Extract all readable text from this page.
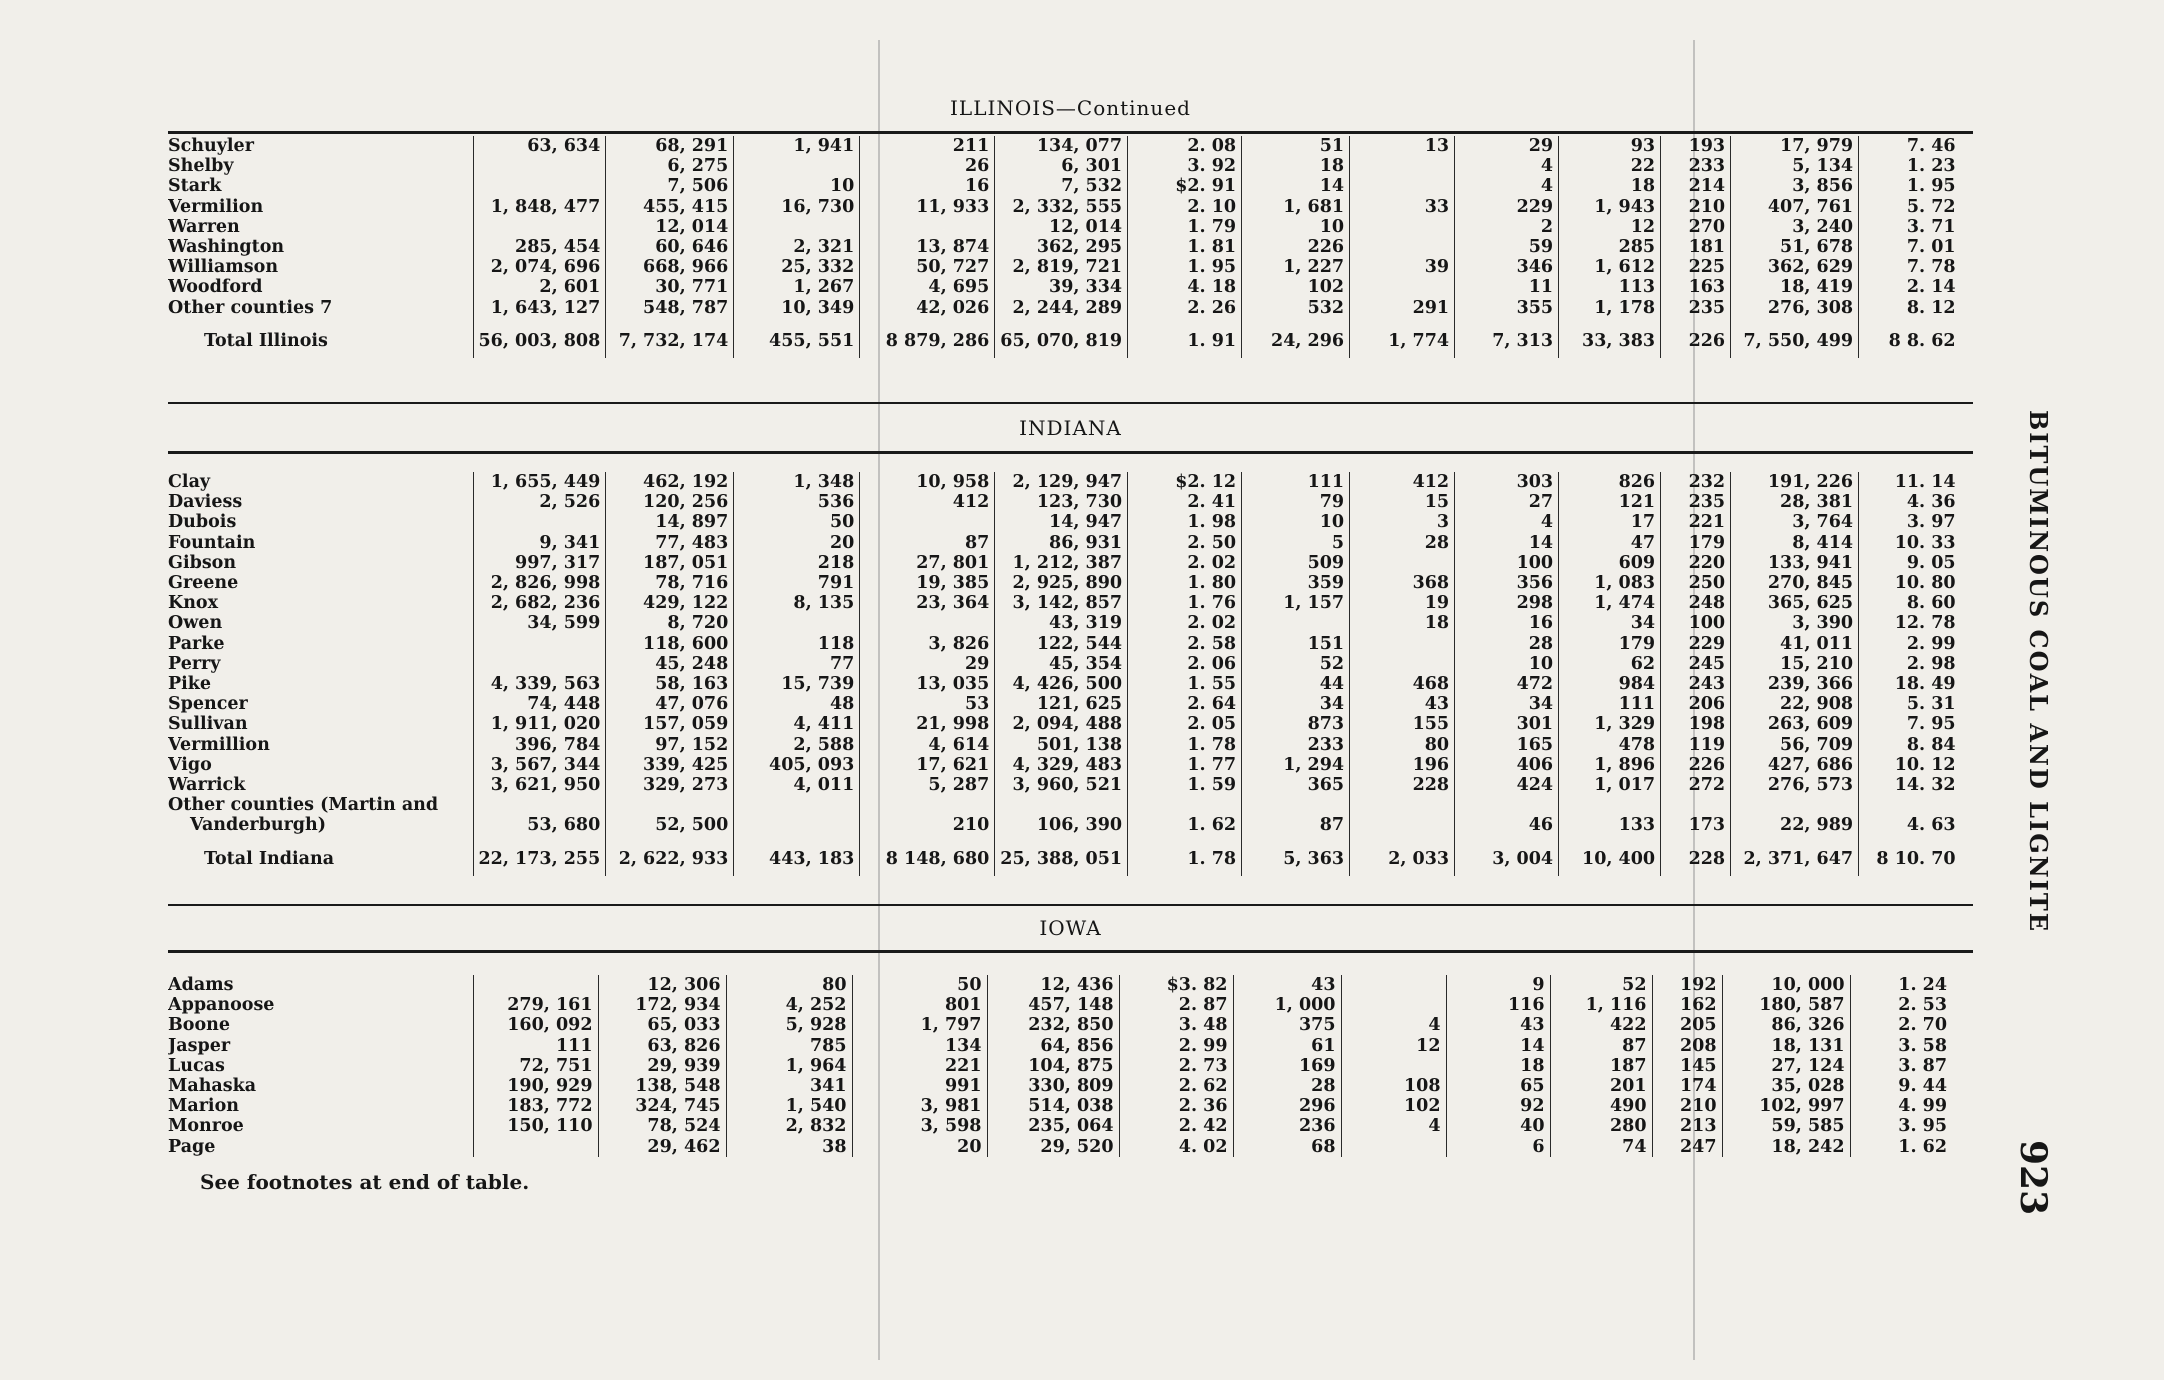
ILLINOIS—Continued
Schuyler	63, 634	68, 291	1, 941	211	134, 077	2. 08	51	13	29	93	193	17, 979	7. 46
Shelby		6, 275		26	6, 301	3. 92	18		4	22	233	5, 134	1. 23
Stark		7, 506	10	16	7, 532	$2. 91	14		4	18	214	3, 856	1. 95
Vermilion	1, 848, 477	455, 415	16, 730	11, 933	2, 332, 555	2. 10	1, 681	33	229	1, 943	210	407, 761	5. 72
Warren		12, 014			12, 014	1. 79	10		2	12	270	3, 240	3. 71
Washington	285, 454	60, 646	2, 321	13, 874	362, 295	1. 81	226		59	285	181	51, 678	7. 01
Williamson	2, 074, 696	668, 966	25, 332	50, 727	2, 819, 721	1. 95	1, 227	39	346	1, 612	225	362, 629	7. 78
Woodford	2, 601	30, 771	1, 267	4, 695	39, 334	4. 18	102		11	113	163	18, 419	2. 14
Other counties 7	1, 643, 127	548, 787	10, 349	42, 026	2, 244, 289	2. 26	532	291	355	1, 178	235	276, 308	8. 12

Total Illinois	56, 003, 808	7, 732, 174	455, 551	8 879, 286	65, 070, 819	1. 91	24, 296	1, 774	7, 313	33, 383	226	7, 550, 499	8 8. 62
INDIANA
Clay	1, 655, 449	462, 192	1, 348	10, 958	2, 129, 947	$2. 12	111	412	303	826	232	191, 226	11. 14
Daviess	2, 526	120, 256	536	412	123, 730	2. 41	79	15	27	121	235	28, 381	4. 36
Dubois		14, 897	50		14, 947	1. 98	10	3	4	17	221	3, 764	3. 97
Fountain	9, 341	77, 483	20	87	86, 931	2. 50	5	28	14	47	179	8, 414	10. 33
Gibson	997, 317	187, 051	218	27, 801	1, 212, 387	2. 02	509		100	609	220	133, 941	9. 05
Greene	2, 826, 998	78, 716	791	19, 385	2, 925, 890	1. 80	359	368	356	1, 083	250	270, 845	10. 80
Knox	2, 682, 236	429, 122	8, 135	23, 364	3, 142, 857	1. 76	1, 157	19	298	1, 474	248	365, 625	8. 60
Owen	34, 599	8, 720			43, 319	2. 02		18	16	34	100	3, 390	12. 78
Parke		118, 600	118	3, 826	122, 544	2. 58	151		28	179	229	41, 011	2. 99
Perry		45, 248	77	29	45, 354	2. 06	52		10	62	245	15, 210	2. 98
Pike	4, 339, 563	58, 163	15, 739	13, 035	4, 426, 500	1. 55	44	468	472	984	243	239, 366	18. 49
Spencer	74, 448	47, 076	48	53	121, 625	2. 64	34	43	34	111	206	22, 908	5. 31
Sullivan	1, 911, 020	157, 059	4, 411	21, 998	2, 094, 488	2. 05	873	155	301	1, 329	198	263, 609	7. 95
Vermillion	396, 784	97, 152	2, 588	4, 614	501, 138	1. 78	233	80	165	478	119	56, 709	8. 84
Vigo	3, 567, 344	339, 425	405, 093	17, 621	4, 329, 483	1. 77	1, 294	196	406	1, 896	226	427, 686	10. 12
Warrick	3, 621, 950	329, 273	4, 011	5, 287	3, 960, 521	1. 59	365	228	424	1, 017	272	276, 573	14. 32
Other counties (Martin and													
Vanderburgh)	53, 680	52, 500		210	106, 390	1. 62	87		46	133	173	22, 989	4. 63

Total Indiana	22, 173, 255	2, 622, 933	443, 183	8 148, 680	25, 388, 051	1. 78	5, 363	2, 033	3, 004	10, 400	228	2, 371, 647	8 10. 70
IOWA
Adams		12, 306	80	50	12, 436	$3. 82	43		9	52	192	10, 000	1. 24
Appanoose	279, 161	172, 934	4, 252	801	457, 148	2. 87	1, 000		116	1, 116	162	180, 587	2. 53
Boone	160, 092	65, 033	5, 928	1, 797	232, 850	3. 48	375	4	43	422	205	86, 326	2. 70
Jasper	111	63, 826	785	134	64, 856	2. 99	61	12	14	87	208	18, 131	3. 58
Lucas	72, 751	29, 939	1, 964	221	104, 875	2. 73	169		18	187	145	27, 124	3. 87
Mahaska	190, 929	138, 548	341	991	330, 809	2. 62	28	108	65	201	174	35, 028	9. 44
Marion	183, 772	324, 745	1, 540	3, 981	514, 038	2. 36	296	102	92	490	210	102, 997	4. 99
Monroe	150, 110	78, 524	2, 832	3, 598	235, 064	2. 42	236	4	40	280	213	59, 585	3. 95
Page		29, 462	38	20	29, 520	4. 02	68		6	74	247	18, 242	1. 62
See footnotes at end of table.
BITUMINOUS COAL AND LIGNITE
923
